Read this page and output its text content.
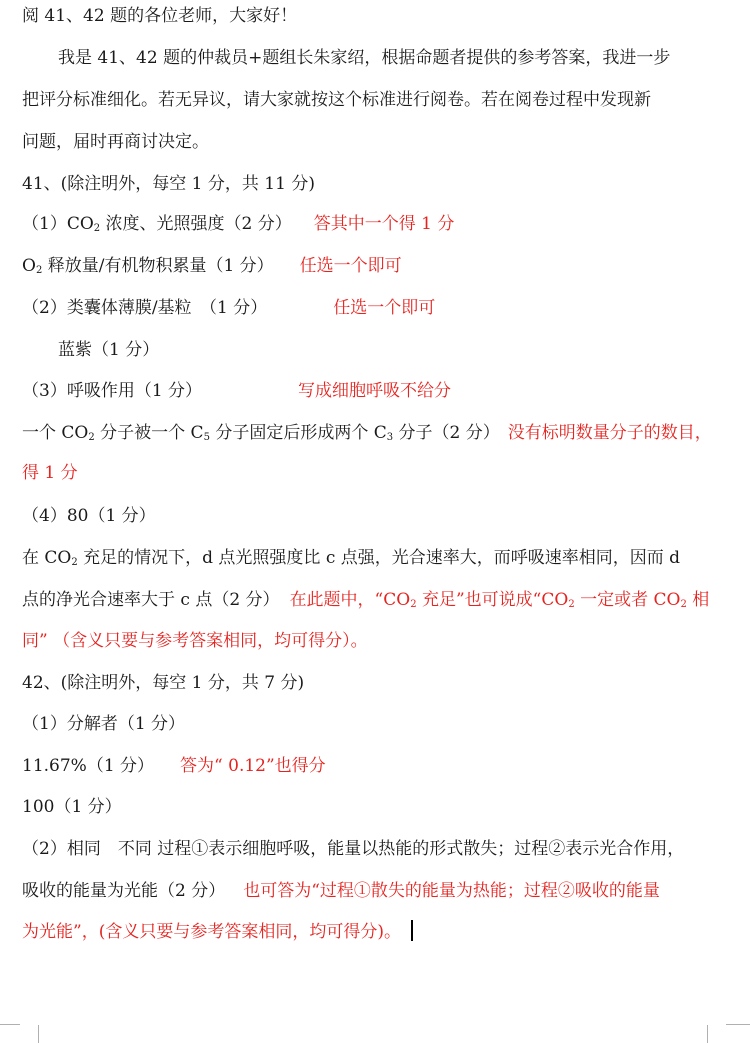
阅 41、42 题的各位老师，大家好！
我是 41、42 题的仲裁员+题组长朱家绍，根据命题者提供的参考答案，我进一步
把评分标准细化。若无异议，请大家就按这个标准进行阅卷。若在阅卷过程中发现新
问题，届时再商讨决定。
41、(除注明外，每空 1 分，共 11 分)
$(1)CO_2$ 浓度、光照强度（2 分） 答其中一个得 1 分
$O_2$ 释放量/有机物积累量（1 分） 任选一个即可
（2）类囊体薄膜/基粒　（1 分）	任选一个即可
蓝紫（1 分）
（3）呼吸作用（1 分）	写成细胞呼吸不给分
一个 $CO_2$ 分子被一个 $C_5$ 分子固定后形成两个 $C_3$ 分子（2 分） 没有标明数量分子的数目，
得 1 分
（4）80（1 分）
在 $CO_2$ 充足的情况下，d 点光照强度比 c 点强，光合速率大，而呼吸速率相同，因而 d
点的净光合速率大于 c 点（2 分） 在此题中，“$CO_2$ 充足”也可说成“$CO_2$ 一定或者 $CO_2$ 相
同” （含义只要与参考答案相同，均可得分）。
42、(除注明外，每空 1 分，共 7 分)
（1）分解者（1 分）
11.67%（1 分） 答为“ 0.12”也得分
100（1 分）
（2）相同　不同 过程①表示细胞呼吸，能量以热能的形式散失；过程②表示光合作用，
吸收的能量为光能（2 分） 也可答为“过程①散失的能量为热能；过程②吸收的能量
为光能”，(含义只要与参考答案相同，均可得分)。
